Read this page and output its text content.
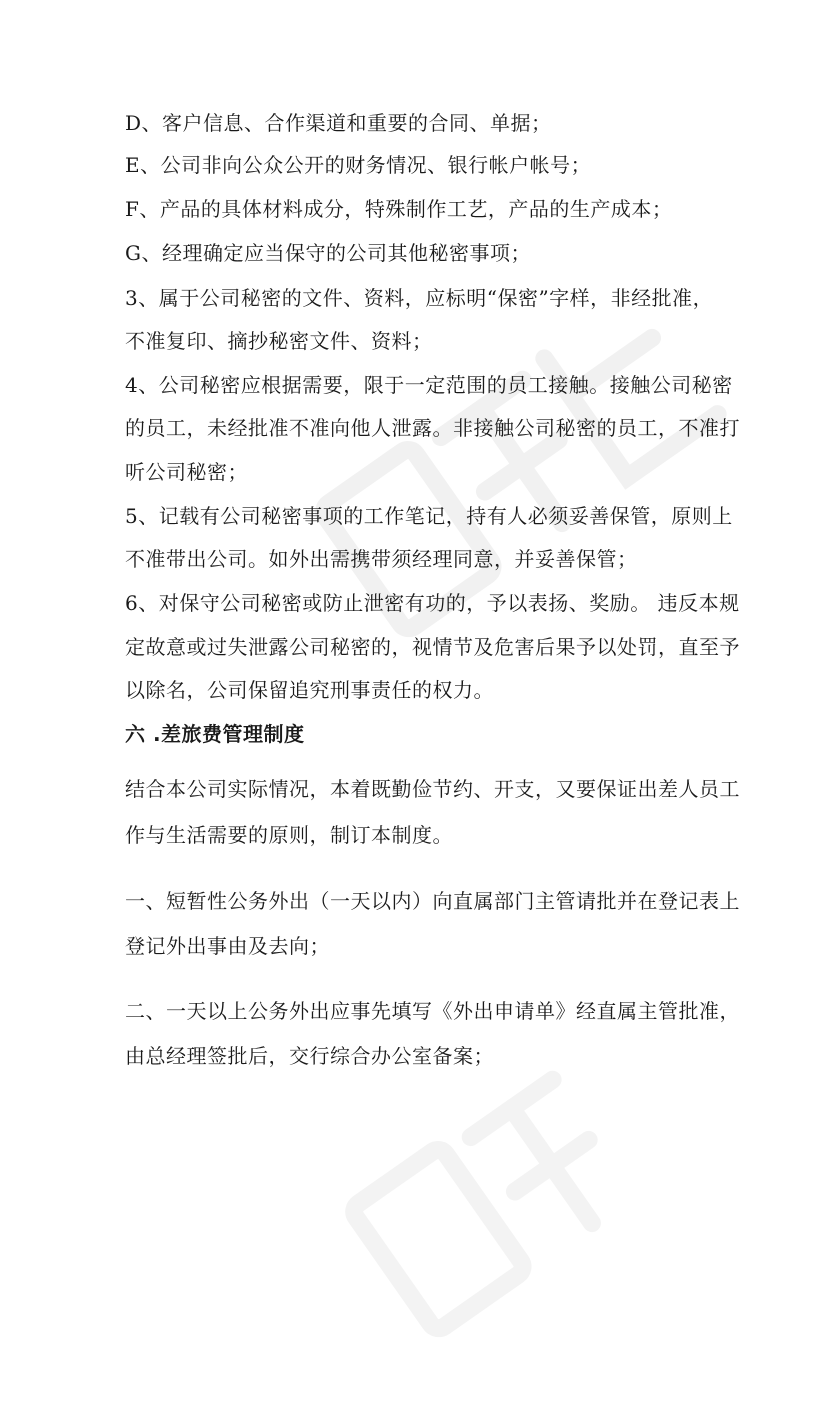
D、客户信息、合作渠道和重要的合同、单据；
E、公司非向公众公开的财务情况、银行帐户帐号；
F、产品的具体材料成分，特殊制作工艺，产品的生产成本；
G、经理确定应当保守的公司其他秘密事项；
3、属于公司秘密的文件、资料，应标明“保密”字样，非经批准，
不准复印、摘抄秘密文件、资料；
4、公司秘密应根据需要，限于一定范围的员工接触。接触公司秘密
的员工，未经批准不准向他人泄露。非接触公司秘密的员工，不准打
听公司秘密；
5、记载有公司秘密事项的工作笔记，持有人必须妥善保管，原则上
不准带出公司。如外出需携带须经理同意，并妥善保管；
6、对保守公司秘密或防止泄密有功的，予以表扬、奖励。 违反本规
定故意或过失泄露公司秘密的，视情节及危害后果予以处罚，直至予
以除名，公司保留追究刑事责任的权力。
六 .差旅费管理制度
结合本公司实际情况，本着既勤俭节约、开支，又要保证出差人员工
作与生活需要的原则，制订本制度。
一、短暂性公务外出（一天以内）向直属部门主管请批并在登记表上
登记外出事由及去向；
二、一天以上公务外出应事先填写《外出申请单》经直属主管批准，
由总经理签批后，交行综合办公室备案；
